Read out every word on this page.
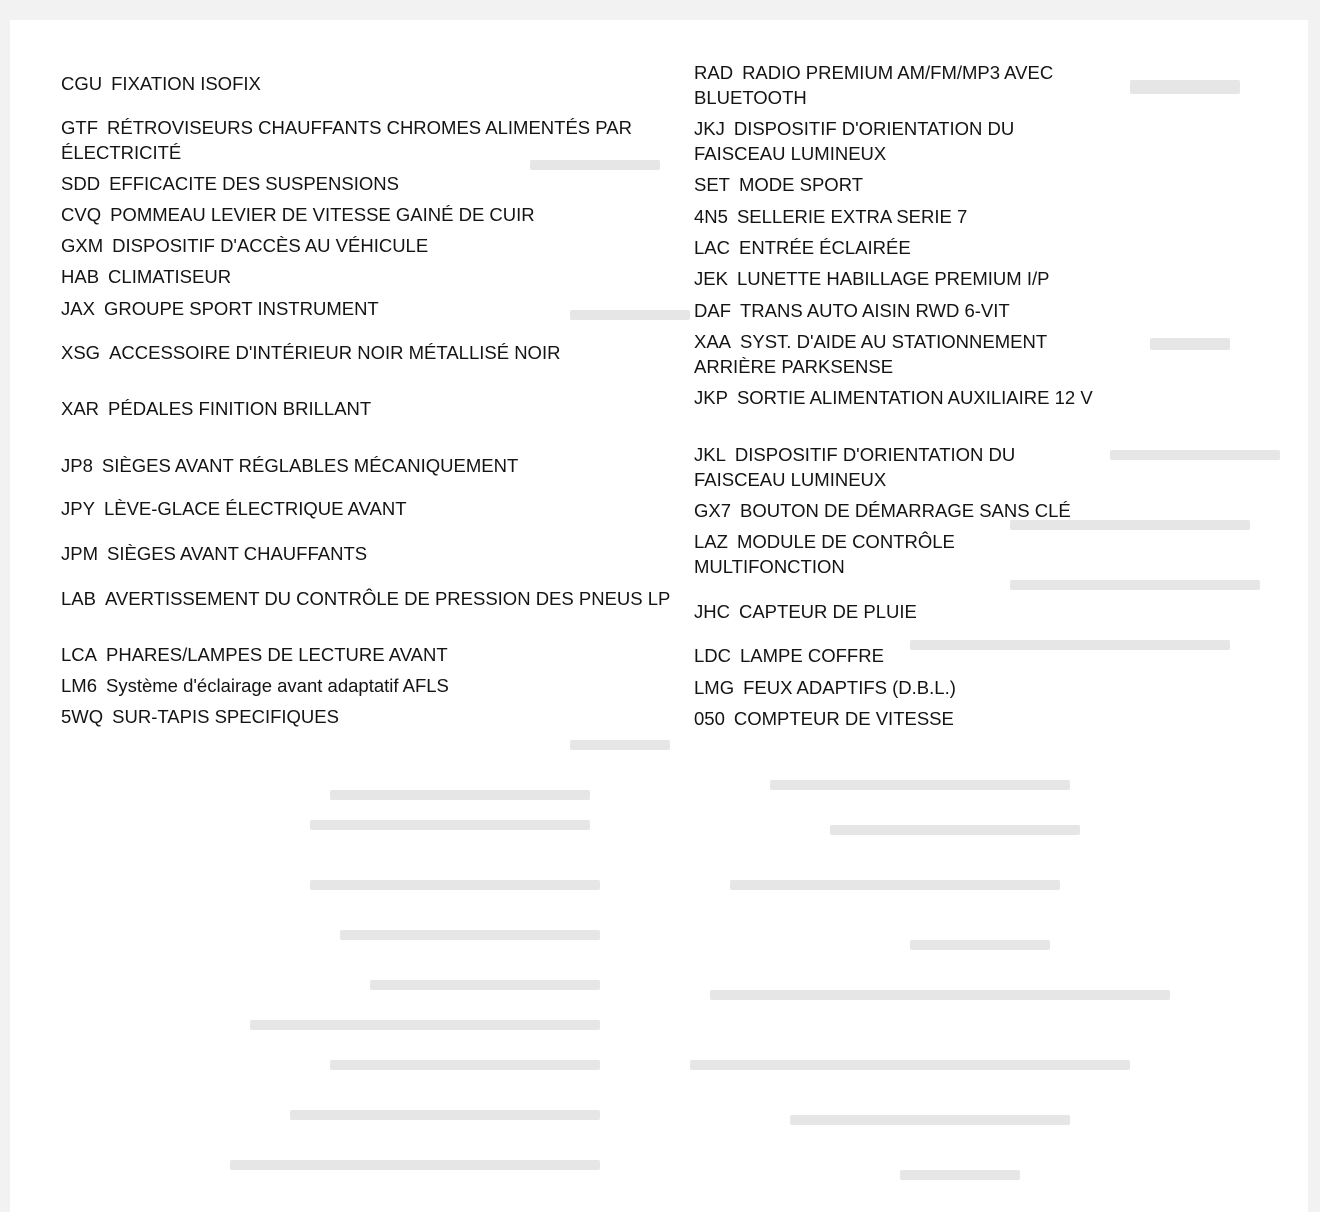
CGU FIXATION ISOFIX
GTF RÉTROVISEURS CHAUFFANTS CHROMES ALIMENTÉS PAR ÉLECTRICITÉ
SDD EFFICACITE DES SUSPENSIONS
CVQ POMMEAU LEVIER DE VITESSE GAINÉ DE CUIR
GXM DISPOSITIF D'ACCÈS AU VÉHICULE
HAB CLIMATISEUR
JAX GROUPE SPORT INSTRUMENT
XSG ACCESSOIRE D'INTÉRIEUR NOIR MÉTALLISÉ NOIR
XAR PÉDALES FINITION BRILLANT
JP8 SIÈGES AVANT RÉGLABLES MÉCANIQUEMENT
JPY LÈVE-GLACE ÉLECTRIQUE AVANT
JPM SIÈGES AVANT CHAUFFANTS
LAB AVERTISSEMENT DU CONTRÔLE DE PRESSION DES PNEUS LP
LCA PHARES/LAMPES DE LECTURE AVANT
LM6 Système d'éclairage avant adaptatif AFLS
5WQ SUR-TAPIS SPECIFIQUES
RAD RADIO PREMIUM AM/FM/MP3 AVEC BLUETOOTH
JKJ DISPOSITIF D'ORIENTATION DU FAISCEAU LUMINEUX
SET MODE SPORT
4N5 SELLERIE EXTRA SERIE 7
LAC ENTRÉE ÉCLAIRÉE
JEK LUNETTE HABILLAGE PREMIUM I/P
DAF TRANS AUTO AISIN RWD 6-VIT
XAA SYST. D'AIDE AU STATIONNEMENT ARRIÈRE PARKSENSE
JKP SORTIE ALIMENTATION AUXILIAIRE 12 V
JKL DISPOSITIF D'ORIENTATION DU FAISCEAU LUMINEUX
GX7 BOUTON DE DÉMARRAGE SANS CLÉ
LAZ MODULE DE CONTRÔLE MULTIFONCTION
JHC CAPTEUR DE PLUIE
LDC LAMPE COFFRE
LMG FEUX ADAPTIFS (D.B.L.)
050 COMPTEUR DE VITESSE
